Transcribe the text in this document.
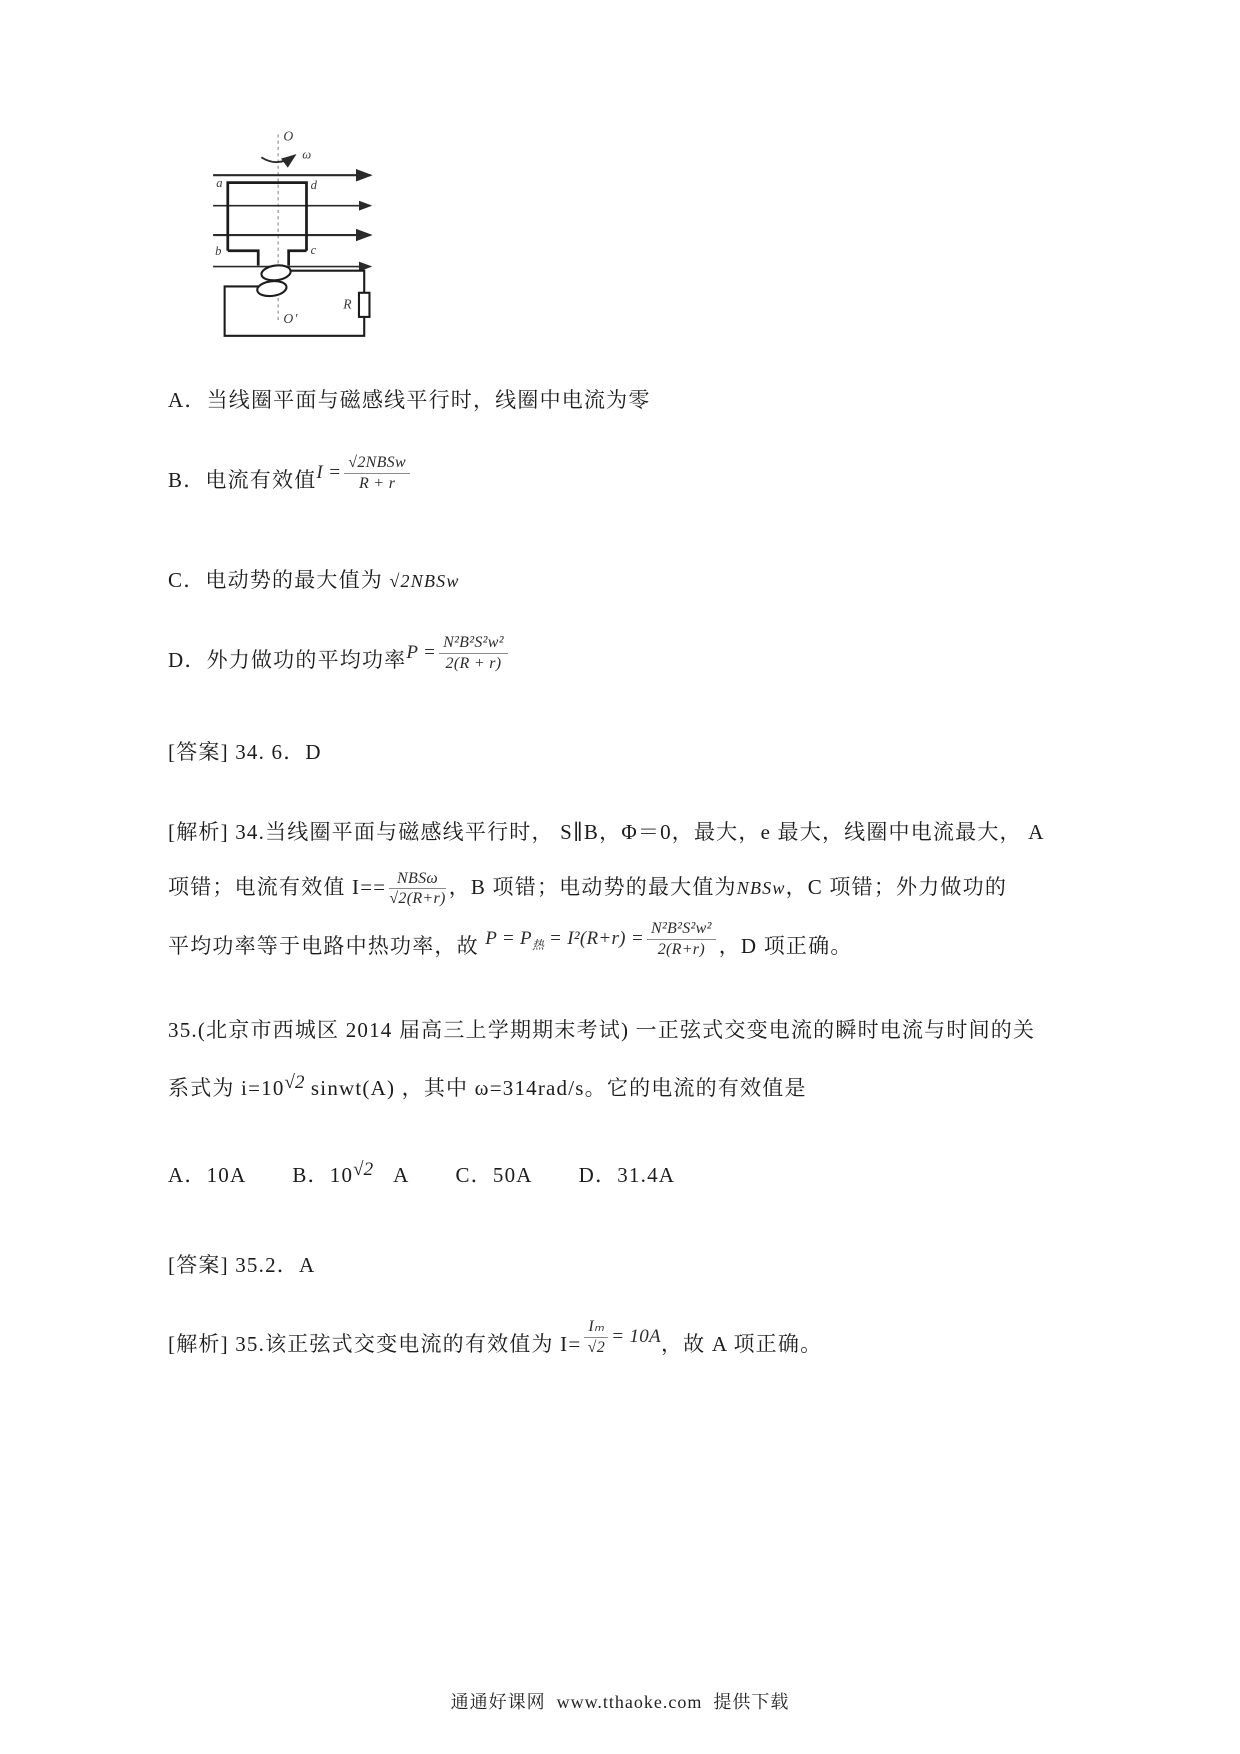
O
O′
ω
a	d
b	c
R

A．当线圈平面与磁感线平行时，线圈中电流为零

B．电流有效值$I = \frac{\text{√2NBSw}}{R + r}$

C．电动势的最大值为 √2NBSw

D．外力做功的平均功率$P = \frac{\text{N²B²S²w²}}{2(R + r)}$

[答案] 34. 6．D

[解析] 34.当线圈平面与磁感线平行时， S∥B，Φ＝0，最大，e 最大，线圈中电流最大， A

项错；电流有效值 $I== \frac{\text{NBSω}}{√2(R+r)}$ ，B 项错；电动势的最大值为NBSw，C 项错；外力做功的

平均功率等于电路中热功率，故 $P = P_热 = I^2(R+r) = \frac{\text{N²B²S²w²}}{2(R+r)}$ ，D 项正确。

35.(北京市西城区 2014 届高三上学期期末考试) 一正弦式交变电流的瞬时电流与时间的关

系式为 i=10√2 sinwt(A) ，其中 ω=314rad/s。它的电流的有效值是

A．10A B．10√2 A C．50A D．31.4A

[答案] 35.2．A

[解析] 35.该正弦式交变电流的有效值为 $I= \frac{\text{Iₘ}}{√2} = 10A$，故 A 项正确。

通通好课网 www.tthaoke.com 提供下载
